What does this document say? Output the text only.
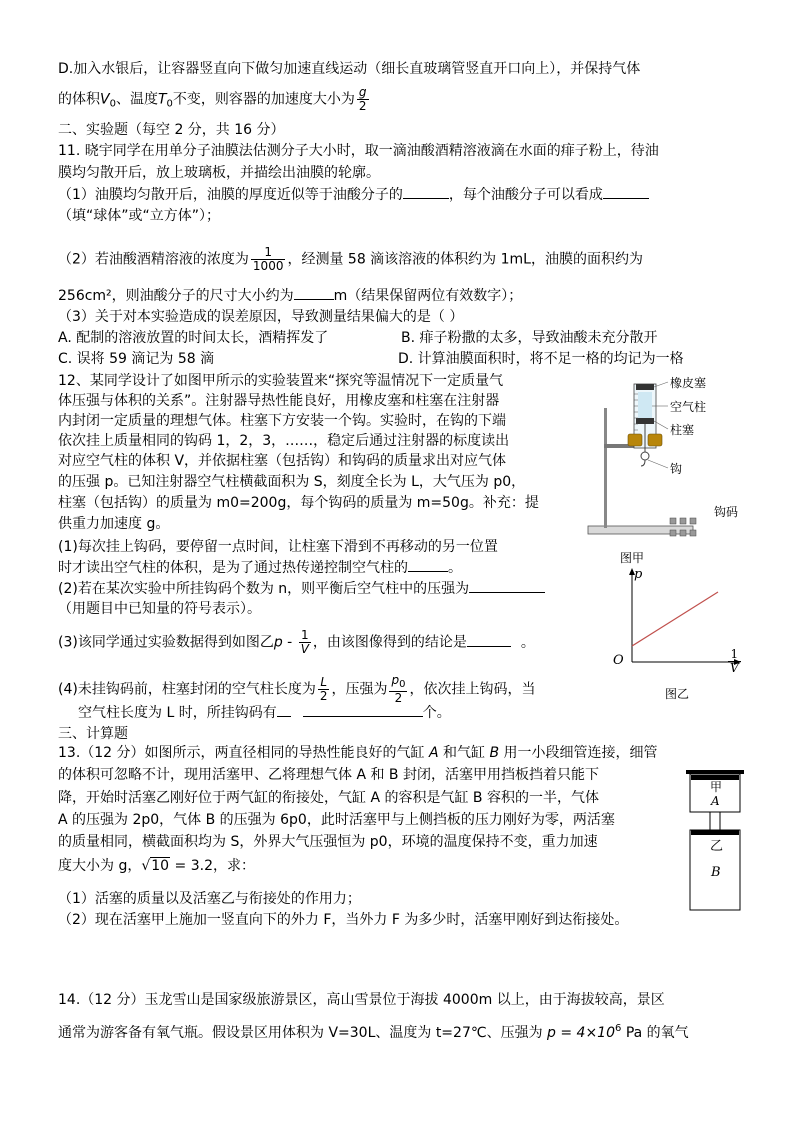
D.加入水银后，让容器竖直向下做匀加速直线运动（细长直玻璃管竖直开口向上），并保持气体
的体积$V_0$、温度$T_0$不变，则容器的加速度大小为 $\frac{g}{2}$
二、实验题（每空 2 分，共 16 分）
11. 晓宇同学在用单分子油膜法估测分子大小时，取一滴油酸酒精溶液滴在水面的痱子粉上，待油
膜均匀散开后，放上玻璃板，并描绘出油膜的轮廓。
（1）油膜均匀散开后，油膜的厚度近似等于油酸分子的	，每个油酸分子可以看成
（填“球体”或“立方体”）；
（2）若油酸酒精溶液的浓度为 $\frac{1}{1000}$ ，经测量 58 滴该溶液的体积约为 1mL，油膜的面积约为
256cm²，则油酸分子的尺寸大小约为	m（结果保留两位有效数字）；
（3）关于对本实验造成的误差原因，导致测量结果偏大的是（ ）
A. 配制的溶液放置的时间太长，酒精挥发了	B. 痱子粉撒的太多，导致油酸未充分散开
C. 误将 59 滴记为 58 滴	D. 计算油膜面积时，将不足一格的均记为一格
12、某同学设计了如图甲所示的实验装置来“探究等温情况下一定质量气
体压强与体积的关系”。注射器导热性能良好，用橡皮塞和柱塞在注射器
内封闭一定质量的理想气体。柱塞下方安装一个钩。实验时，在钩的下端
依次挂上质量相同的钩码 1，2，3，……，稳定后通过注射器的标度读出
对应空气柱的体积 V，并依据柱塞（包括钩）和钩码的质量求出对应气体
的压强 p。已知注射器空气柱横截面积为 S，刻度全长为 L，大气压为 p0，
柱塞（包括钩）的质量为 m0=200g，每个钩码的质量为 m=50g。补充：提
供重力加速度 g。
(1)每次挂上钩码，要停留一点时间，让柱塞下滑到不再移动的另一位置
时才读出空气柱的体积，是为了通过热传递控制空气柱的	。
(2)若在某次实验中所挂钩码个数为 n，则平衡后空气柱中的压强为
（用题目中已知量的符号表示）。
(3)该同学通过实验数据得到如图乙p - $\frac{1}{V}$ ，由该图像得到的结论是	。
(4)未挂钩码前，柱塞封闭的空气柱长度为 $\frac{L}{2}$ ，压强为 $\frac{p_0}{2}$ ，依次挂上钩码，当
空气柱长度为 L 时，所挂钩码有	个。
三、计算题
13.（12 分）如图所示，两直径相同的导热性能良好的气缸 A 和气缸 B 用一小段细管连接，细管
的体积可忽略不计，现用活塞甲、乙将理想气体 A 和 B 封闭，活塞甲用挡板挡着只能下
降，开始时活塞乙刚好位于两气缸的衔接处，气缸 A 的容积是气缸 B 容积的一半，气体
A 的压强为 2p0，气体 B 的压强为 6p0，此时活塞甲与上侧挡板的压力刚好为零，两活塞
的质量相同，横截面积均为 S，外界大气压强恒为 p0，环境的温度保持不变，重力加速
度大小为 g，√10 = 3.2，求：
（1）活塞的质量以及活塞乙与衔接处的作用力；
（2）现在活塞甲上施加一竖直向下的外力 F，当外力 F 为多少时，活塞甲刚好到达衔接处。
14.（12 分）玉龙雪山是国家级旅游景区，高山雪景位于海拔 4000m 以上，由于海拔较高，景区
通常为游客备有氧气瓶。假设景区用体积为 V=30L、温度为 t=27℃、压强为 $p = 4\times 10^6$ Pa 的氧气
橡皮塞
空气柱
柱塞
钩
钩码
图甲
p
O	$\frac{1}{V}$
图乙
甲
A
乙
B
